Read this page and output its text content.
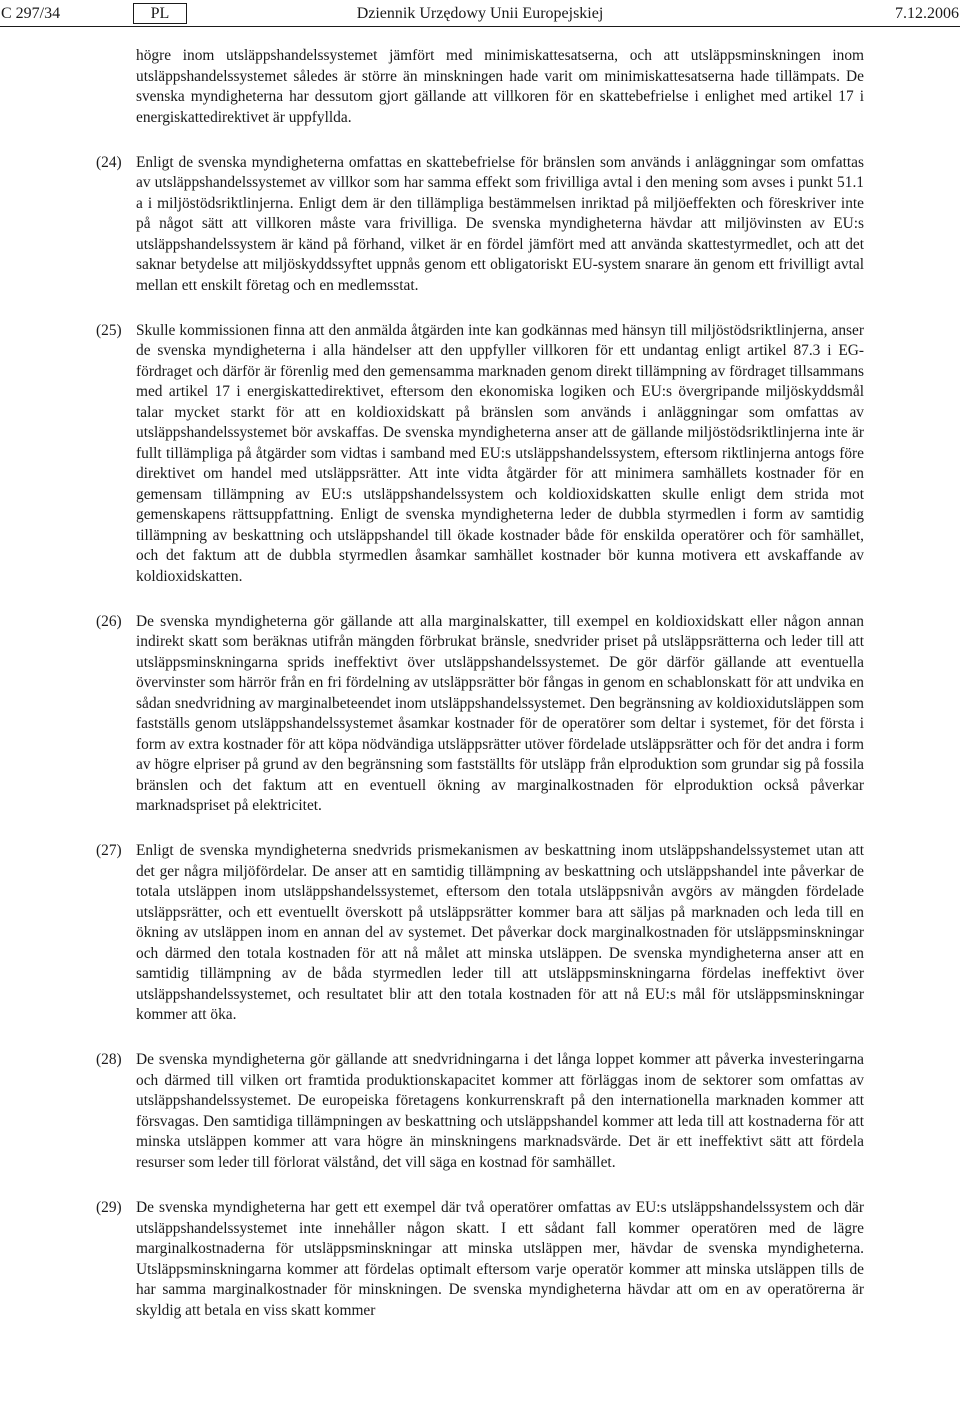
C 297/34	PL	Dziennik Urzędowy Unii Europejskiej	7.12.2006

högre inom utsläppshandelssystemet jämfört med minimiskattesatserna, och att utsläppsminskningen inom utsläppshandelssystemet således är större än minskningen hade varit om minimiskattesatserna hade tillämpats. De svenska myndigheterna har dessutom gjort gällande att villkoren för en skattebefrielse i enlighet med artikel 17 i energiskattedirektivet är uppfyllda.

(24) Enligt de svenska myndigheterna omfattas en skattebefrielse för bränslen som används i anläggningar som omfattas av utsläppshandelssystemet av villkor som har samma effekt som frivilliga avtal i den mening som avses i punkt 51.1 a i miljöstödsriktlinjerna. Enligt dem är den tillämpliga bestämmelsen inriktad på miljöeffekten och föreskriver inte på något sätt att villkoren måste vara frivilliga. De svenska myndigheterna hävdar att miljövinsten av EU:s utsläppshandelssystem är känd på förhand, vilket är en fördel jämfört med att använda skattestyrmedlet, och att det saknar betydelse att miljöskyddssyftet uppnås genom ett obligatoriskt EU-system snarare än genom ett frivilligt avtal mellan ett enskilt företag och en medlemsstat.

(25) Skulle kommissionen finna att den anmälda åtgärden inte kan godkännas med hänsyn till miljöstödsriktlinjerna, anser de svenska myndigheterna i alla händelser att den uppfyller villkoren för ett undantag enligt artikel 87.3 i EG-fördraget och därför är förenlig med den gemensamma marknaden genom direkt tillämpning av fördraget tillsammans med artikel 17 i energiskattedirektivet, eftersom den ekonomiska logiken och EU:s övergripande miljöskyddsmål talar mycket starkt för att en koldioxidskatt på bränslen som används i anläggningar som omfattas av utsläppshandelssystemet bör avskaffas. De svenska myndigheterna anser att de gällande miljöstödsriktlinjerna inte är fullt tillämpliga på åtgärder som vidtas i samband med EU:s utsläppshandelssystem, eftersom riktlinjerna antogs före direktivet om handel med utsläppsrätter. Att inte vidta åtgärder för att minimera samhällets kostnader för en gemensam tillämpning av EU:s utsläppshandelssystem och koldioxidskatten skulle enligt dem strida mot gemenskapens rättsuppfattning. Enligt de svenska myndigheterna leder de dubbla styrmedlen i form av samtidig tillämpning av beskattning och utsläppshandel till ökade kostnader både för enskilda operatörer och för samhället, och det faktum att de dubbla styrmedlen åsamkar samhället kostnader bör kunna motivera ett avskaffande av koldioxidskatten.

(26) De svenska myndigheterna gör gällande att alla marginalskatter, till exempel en koldioxidskatt eller någon annan indirekt skatt som beräknas utifrån mängden förbrukat bränsle, snedvrider priset på utsläppsrätterna och leder till att utsläppsminskningarna sprids ineffektivt över utsläppshandelssystemet. De gör därför gällande att eventuella övervinster som härrör från en fri fördelning av utsläppsrätter bör fångas in genom en schablonskatt för att undvika en sådan snedvridning av marginalbeteendet inom utsläppshandelssystemet. Den begränsning av koldioxidutsläppen som fastställs genom utsläppshandelssystemet åsamkar kostnader för de operatörer som deltar i systemet, för det första i form av extra kostnader för att köpa nödvändiga utsläppsrätter utöver fördelade utsläppsrätter och för det andra i form av högre elpriser på grund av den begränsning som fastställts för utsläpp från elproduktion som grundar sig på fossila bränslen och det faktum att en eventuell ökning av marginalkostnaden för elproduktion också påverkar marknadspriset på elektricitet.

(27) Enligt de svenska myndigheterna snedvrids prismekanismen av beskattning inom utsläppshandelssystemet utan att det ger några miljöfördelar. De anser att en samtidig tillämpning av beskattning och utsläppshandel inte påverkar de totala utsläppen inom utsläppshandelssystemet, eftersom den totala utsläppsnivån avgörs av mängden fördelade utsläppsrätter, och ett eventuellt överskott på utsläppsrätter kommer bara att säljas på marknaden och leda till en ökning av utsläppen inom en annan del av systemet. Det påverkar dock marginalkostnaden för utsläppsminskningar och därmed den totala kostnaden för att nå målet att minska utsläppen. De svenska myndigheterna anser att en samtidig tillämpning av de båda styrmedlen leder till att utsläppsminskningarna fördelas ineffektivt över utsläppshandelssystemet, och resultatet blir att den totala kostnaden för att nå EU:s mål för utsläppsminskningar kommer att öka.

(28) De svenska myndigheterna gör gällande att snedvridningarna i det långa loppet kommer att påverka investeringarna och därmed till vilken ort framtida produktionskapacitet kommer att förläggas inom de sektorer som omfattas av utsläppshandelssystemet. De europeiska företagens konkurrenskraft på den internationella marknaden kommer att försvagas. Den samtidiga tillämpningen av beskattning och utsläppshandel kommer att leda till att kostnaderna för att minska utsläppen kommer att vara högre än minskningens marknadsvärde. Det är ett ineffektivt sätt att fördela resurser som leder till förlorat välstånd, det vill säga en kostnad för samhället.

(29) De svenska myndigheterna har gett ett exempel där två operatörer omfattas av EU:s utsläppshandelssystem och där utsläppshandelssystemet inte innehåller någon skatt. I ett sådant fall kommer operatören med de lägre marginalkostnaderna för utsläppsminskningar att minska utsläppen mer, hävdar de svenska myndigheterna. Utsläppsminskningarna kommer att fördelas optimalt eftersom varje operatör kommer att minska utsläppen tills de har samma marginalkostnader för minskningen. De svenska myndigheterna hävdar att om en av operatörerna är skyldig att betala en viss skatt kommer
